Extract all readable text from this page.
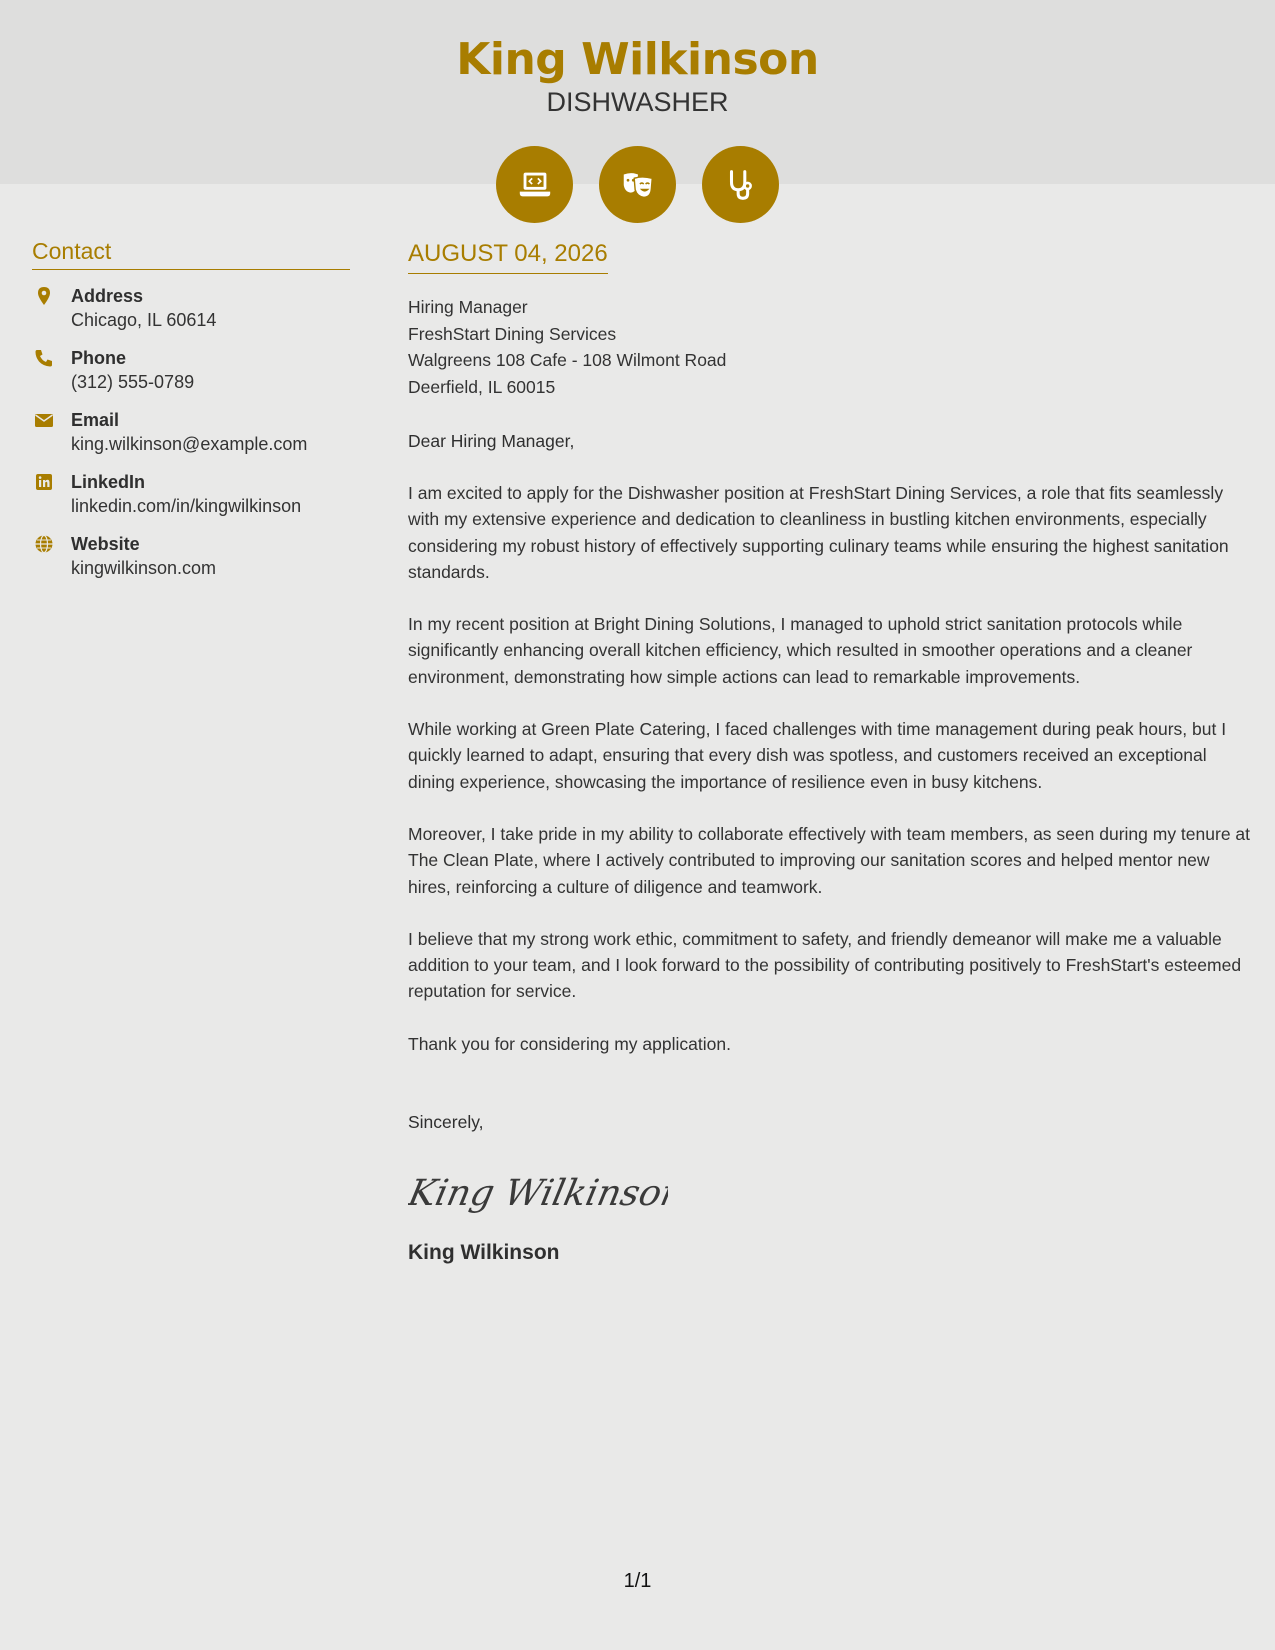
King Wilkinson
DISHWASHER
Contact
Address
Chicago, IL 60614
Phone
(312) 555-0789
Email
king.wilkinson@example.com
LinkedIn
linkedin.com/in/kingwilkinson
Website
kingwilkinson.com
AUGUST 04, 2026
Hiring Manager
FreshStart Dining Services
Walgreens 108 Cafe - 108 Wilmont Road
Deerfield, IL 60015
Dear Hiring Manager,
I am excited to apply for the Dishwasher position at FreshStart Dining Services, a role that fits seamlessly with my extensive experience and dedication to cleanliness in bustling kitchen environments, especially considering my robust history of effectively supporting culinary teams while ensuring the highest sanitation standards.
In my recent position at Bright Dining Solutions, I managed to uphold strict sanitation protocols while significantly enhancing overall kitchen efficiency, which resulted in smoother operations and a cleaner environment, demonstrating how simple actions can lead to remarkable improvements.
While working at Green Plate Catering, I faced challenges with time management during peak hours, but I quickly learned to adapt, ensuring that every dish was spotless, and customers received an exceptional dining experience, showcasing the importance of resilience even in busy kitchens.
Moreover, I take pride in my ability to collaborate effectively with team members, as seen during my tenure at The Clean Plate, where I actively contributed to improving our sanitation scores and helped mentor new hires, reinforcing a culture of diligence and teamwork.
I believe that my strong work ethic, commitment to safety, and friendly demeanor will make me a valuable addition to your team, and I look forward to the possibility of contributing positively to FreshStart's esteemed reputation for service.
Thank you for considering my application.
Sincerely,
King Wilkinson
King Wilkinson
1/1
